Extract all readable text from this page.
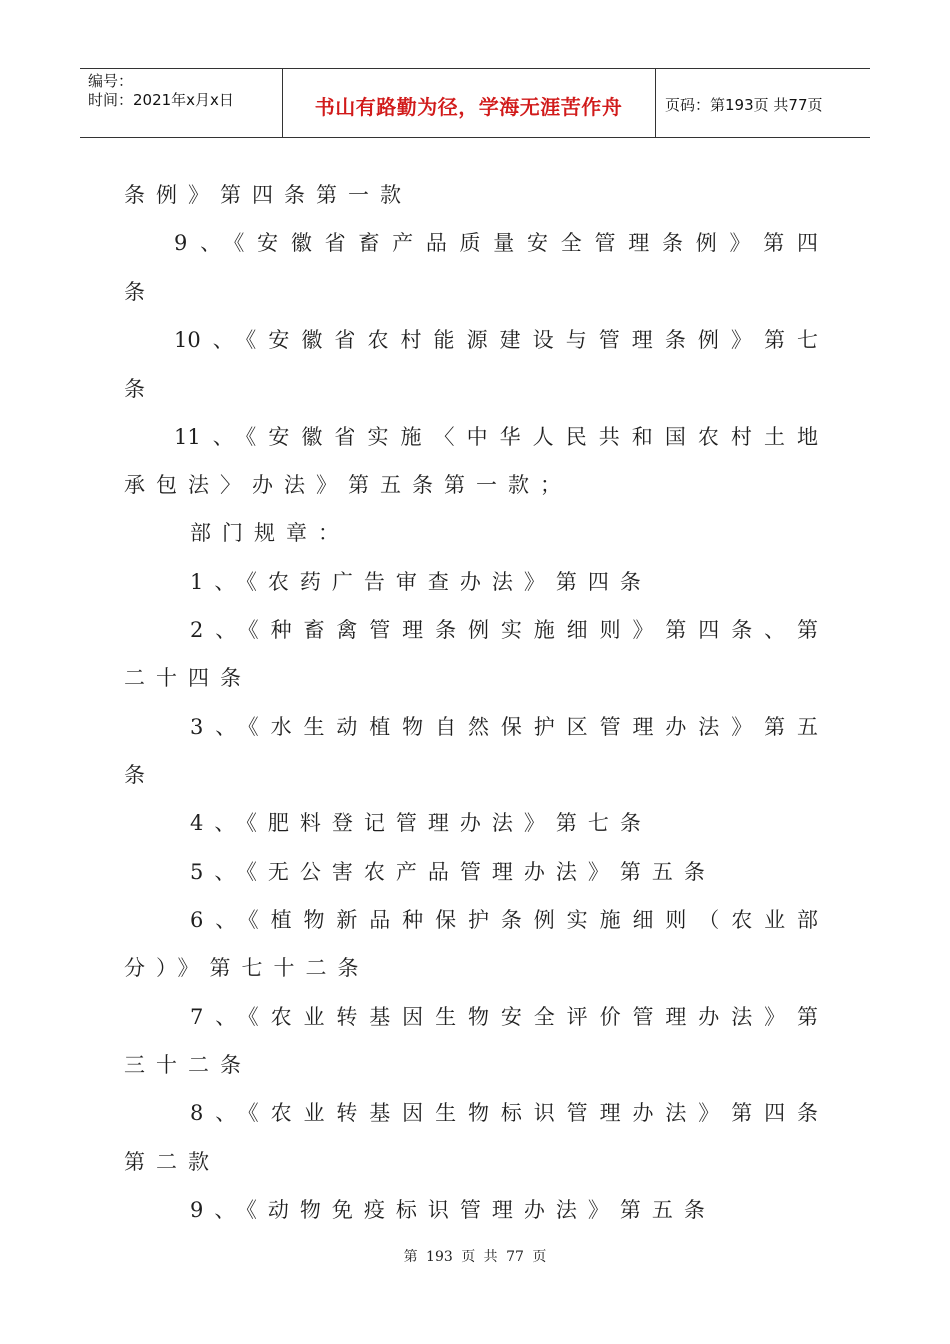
编号：
时间：2021年x月x日	书山有路勤为径，学海无涯苦作舟	页码：第193页 共77页
条例》第四条第一款
9、《安徽省畜产品质量安全管理条例》第四
条
10、《安徽省农村能源建设与管理条例》第七
条
11、《安徽省实施〈中华人民共和国农村土地
承包法〉办法》第五条第一款；
部门规章：
1、《农药广告审查办法》第四条
2、《种畜禽管理条例实施细则》第四条、第
二十四条
3、《水生动植物自然保护区管理办法》第五
条
4、《肥料登记管理办法》第七条
5、《无公害农产品管理办法》第五条
6、《植物新品种保护条例实施细则（农业部
分）》第七十二条
7、《农业转基因生物安全评价管理办法》第
三十二条
8、《农业转基因生物标识管理办法》第四条
第二款
9、《动物免疫标识管理办法》第五条
第 193 页 共 77 页
